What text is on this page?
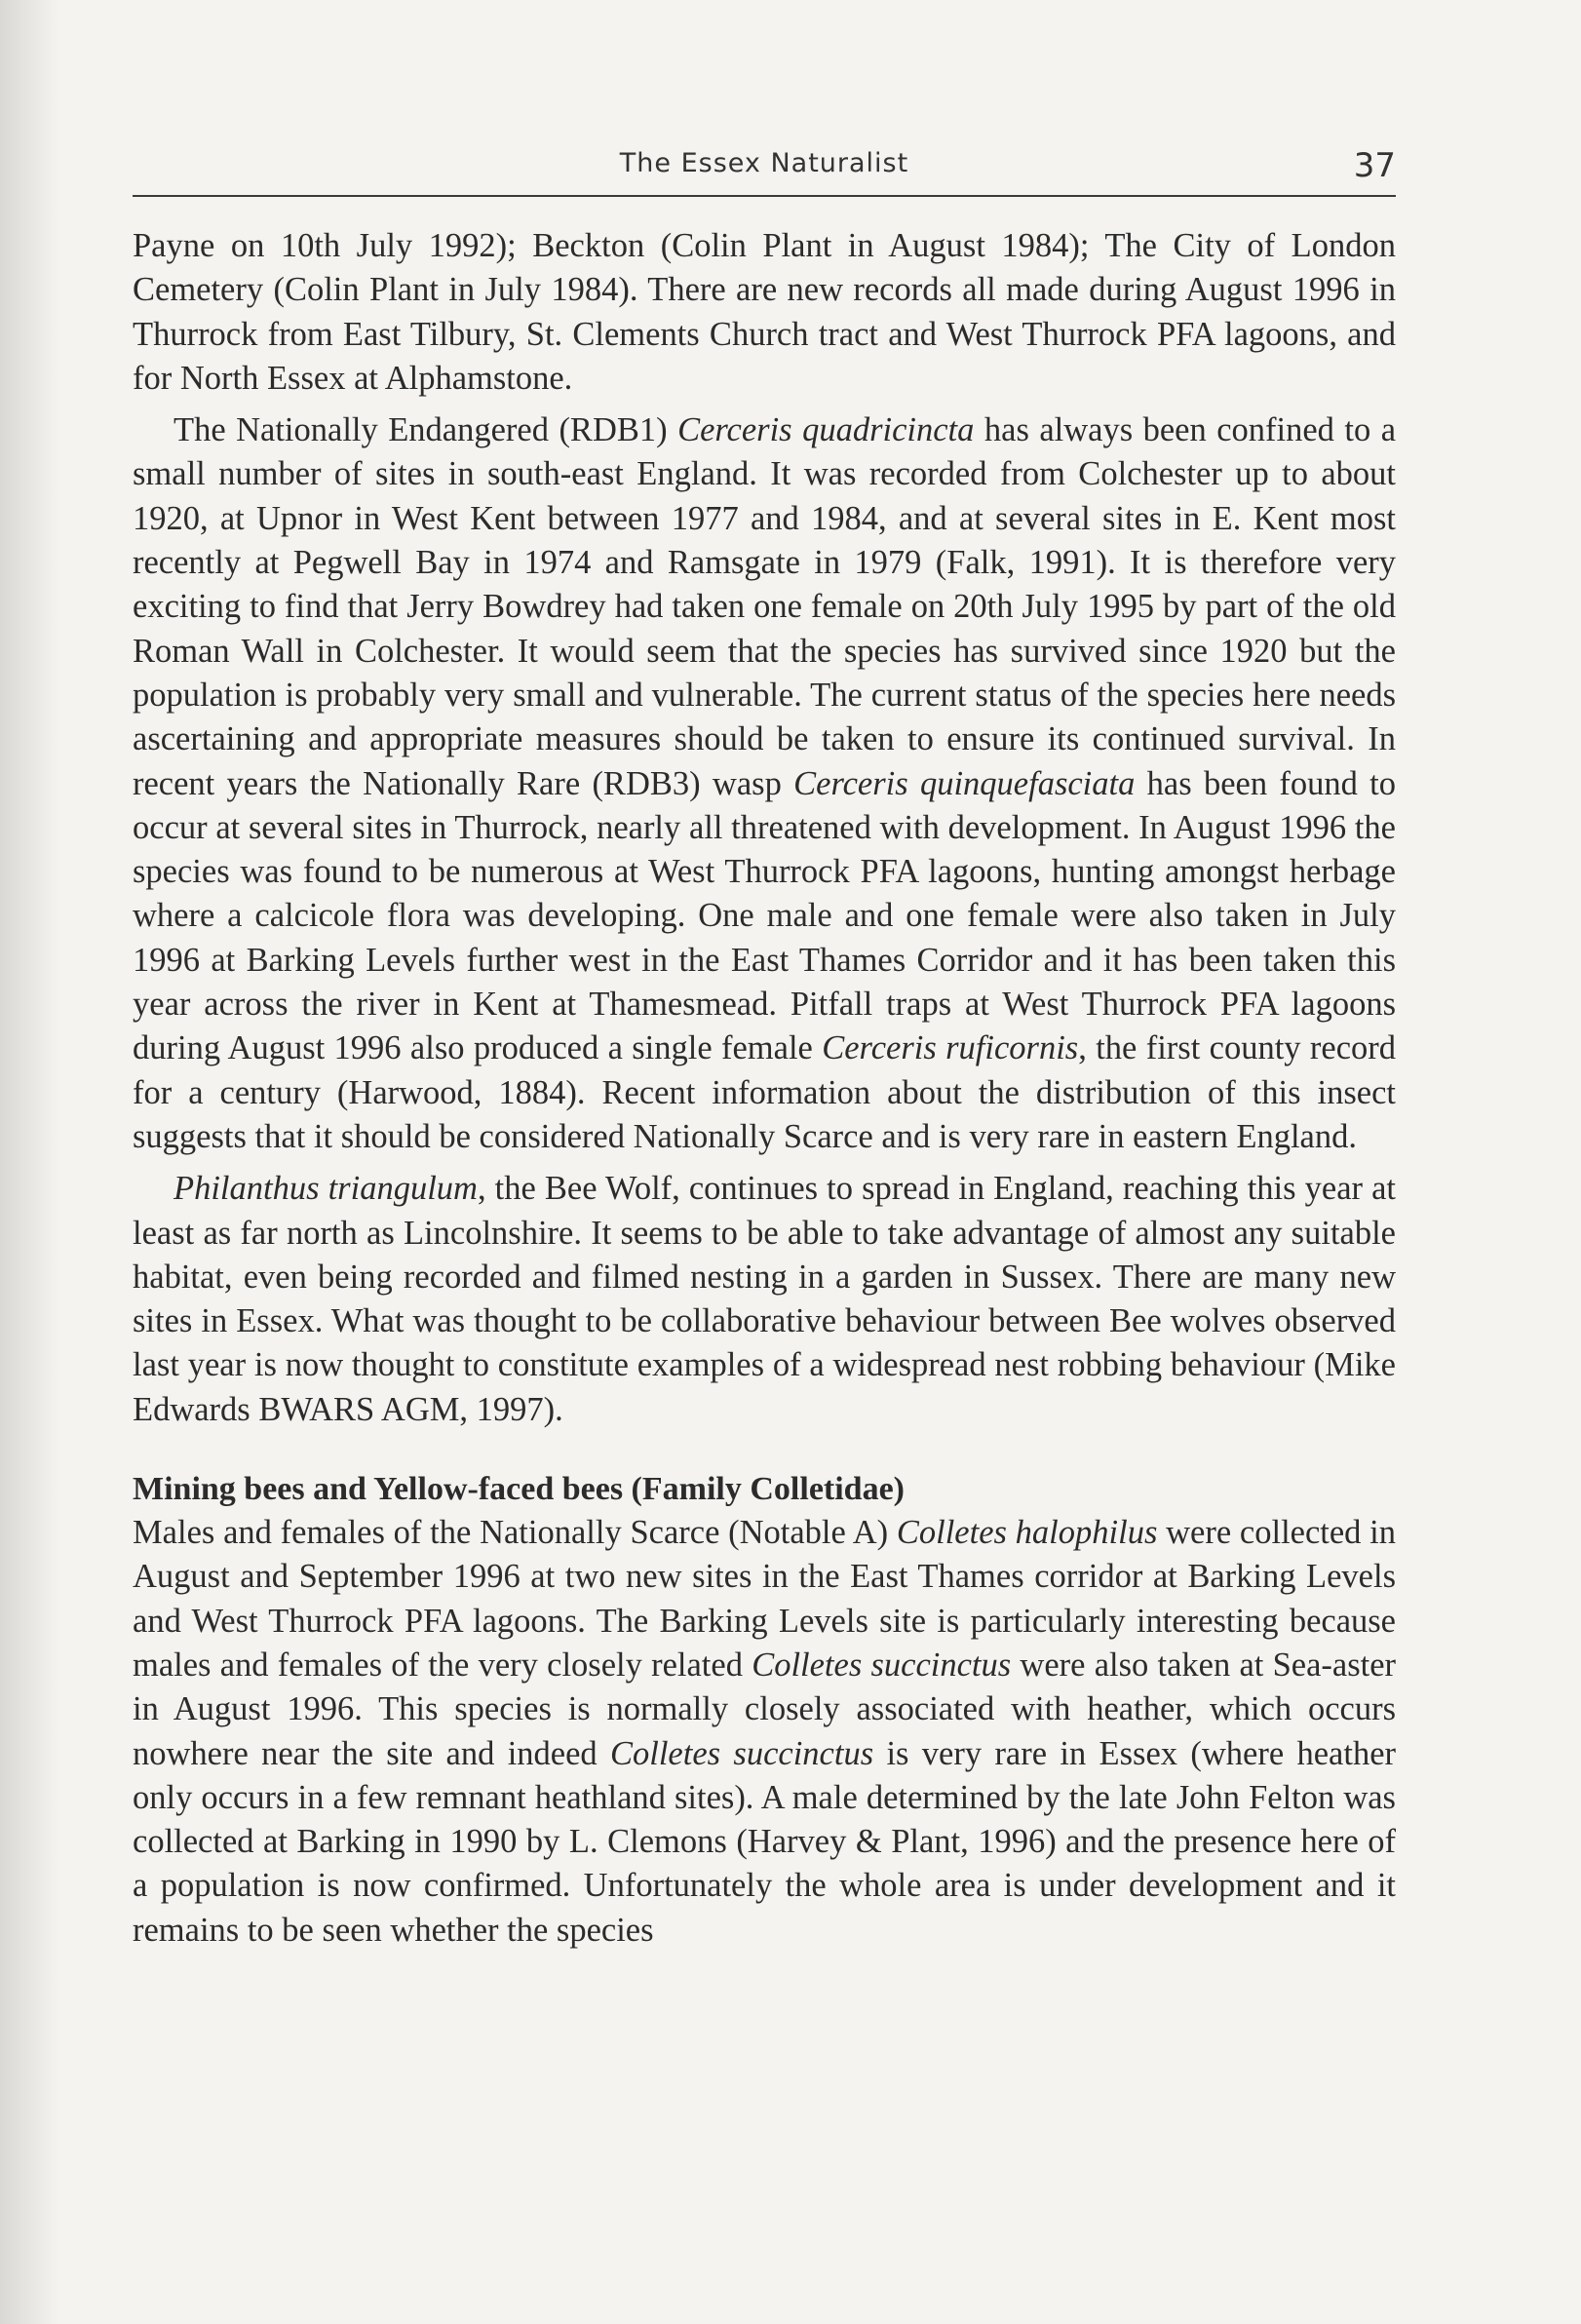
The Essex Naturalist	37

Payne on 10th July 1992); Beckton (Colin Plant in August 1984); The City of London Cemetery (Colin Plant in July 1984). There are new records all made during August 1996 in Thurrock from East Tilbury, St. Clements Church tract and West Thurrock PFA lagoons, and for North Essex at Alphamstone.

The Nationally Endangered (RDB1) Cerceris quadricincta has always been confined to a small number of sites in south-east England. It was recorded from Colchester up to about 1920, at Upnor in West Kent between 1977 and 1984, and at several sites in E. Kent most recently at Pegwell Bay in 1974 and Ramsgate in 1979 (Falk, 1991). It is therefore very exciting to find that Jerry Bowdrey had taken one female on 20th July 1995 by part of the old Roman Wall in Colchester. It would seem that the species has survived since 1920 but the population is probably very small and vulnerable. The current status of the species here needs ascertaining and appropriate measures should be taken to ensure its continued survival. In recent years the Nationally Rare (RDB3) wasp Cerceris quinquefasciata has been found to occur at several sites in Thurrock, nearly all threatened with development. In August 1996 the species was found to be numerous at West Thurrock PFA lagoons, hunting amongst herbage where a calcicole flora was developing. One male and one female were also taken in July 1996 at Barking Levels further west in the East Thames Corridor and it has been taken this year across the river in Kent at Thamesmead. Pitfall traps at West Thurrock PFA lagoons during August 1996 also produced a single female Cerceris ruficornis, the first county record for a century (Harwood, 1884). Recent information about the distribution of this insect suggests that it should be considered Nationally Scarce and is very rare in eastern England.

Philanthus triangulum, the Bee Wolf, continues to spread in England, reaching this year at least as far north as Lincolnshire. It seems to be able to take advantage of almost any suitable habitat, even being recorded and filmed nesting in a garden in Sussex. There are many new sites in Essex. What was thought to be collaborative behaviour between Bee wolves observed last year is now thought to constitute examples of a widespread nest robbing behaviour (Mike Edwards BWARS AGM, 1997).

Mining bees and Yellow-faced bees (Family Colletidae)

Males and females of the Nationally Scarce (Notable A) Colletes halophilus were collected in August and September 1996 at two new sites in the East Thames corridor at Barking Levels and West Thurrock PFA lagoons. The Barking Levels site is particularly interesting because males and females of the very closely related Colletes succinctus were also taken at Sea-aster in August 1996. This species is normally closely associated with heather, which occurs nowhere near the site and indeed Colletes succinctus is very rare in Essex (where heather only occurs in a few remnant heathland sites). A male determined by the late John Felton was collected at Barking in 1990 by L. Clemons (Harvey & Plant, 1996) and the presence here of a population is now confirmed. Unfortunately the whole area is under development and it remains to be seen whether the species
